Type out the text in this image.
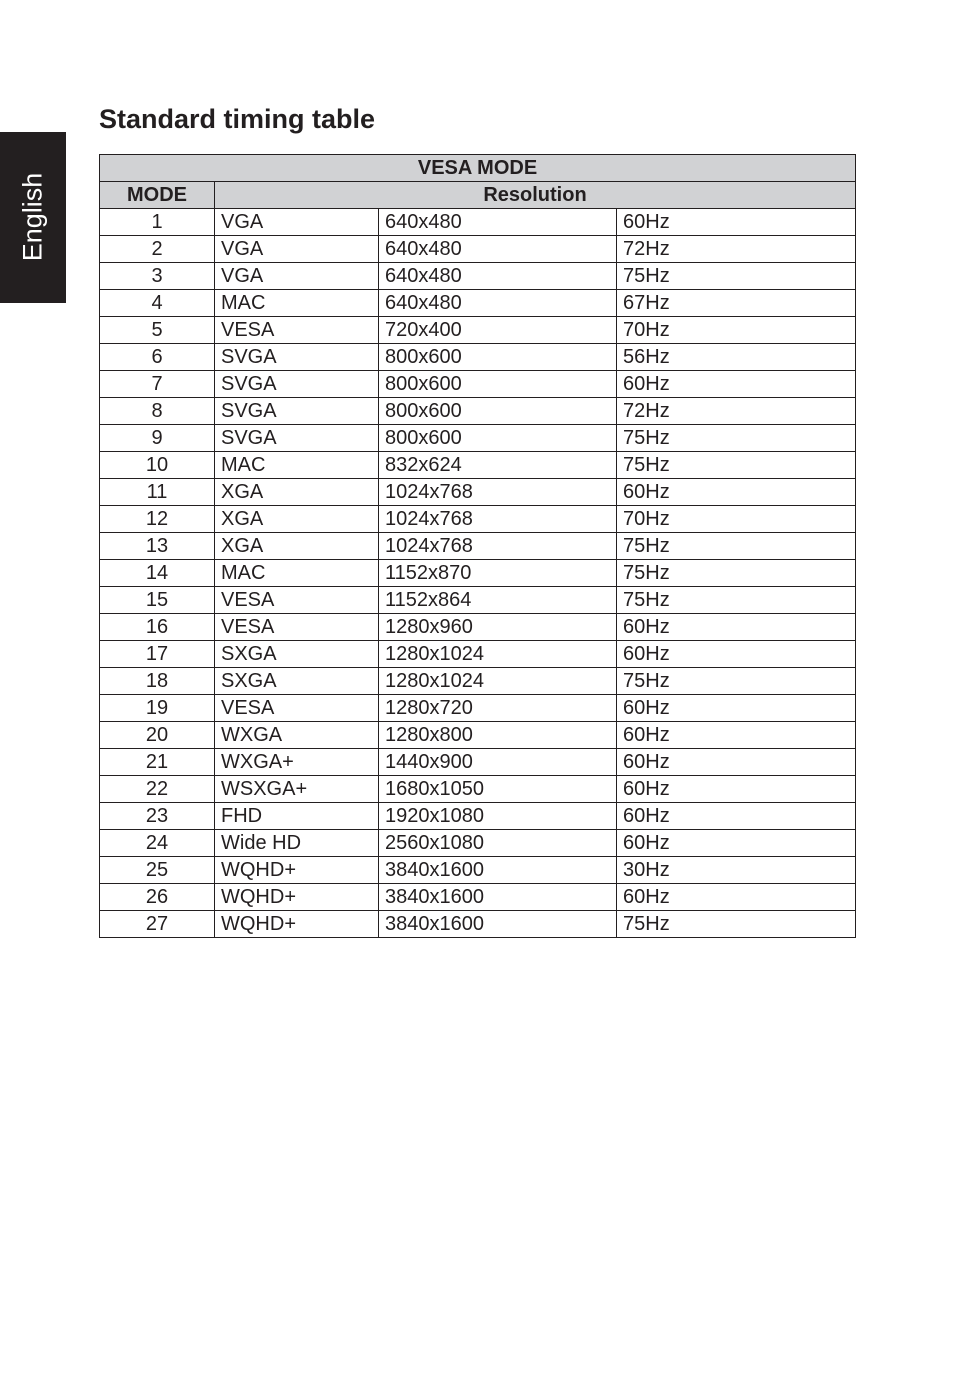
English
Standard timing table
VESA MODE			
MODE	Resolution		
1	VGA	640x480	60Hz
2	VGA	640x480	72Hz
3	VGA	640x480	75Hz
4	MAC	640x480	67Hz
5	VESA	720x400	70Hz
6	SVGA	800x600	56Hz
7	SVGA	800x600	60Hz
8	SVGA	800x600	72Hz
9	SVGA	800x600	75Hz
10	MAC	832x624	75Hz
11	XGA	1024x768	60Hz
12	XGA	1024x768	70Hz
13	XGA	1024x768	75Hz
14	MAC	1152x870	75Hz
15	VESA	1152x864	75Hz
16	VESA	1280x960	60Hz
17	SXGA	1280x1024	60Hz
18	SXGA	1280x1024	75Hz
19	VESA	1280x720	60Hz
20	WXGA	1280x800	60Hz
21	WXGA+	1440x900	60Hz
22	WSXGA+	1680x1050	60Hz
23	FHD	1920x1080	60Hz
24	Wide HD	2560x1080	60Hz
25	WQHD+	3840x1600	30Hz
26	WQHD+	3840x1600	60Hz
27	WQHD+	3840x1600	75Hz
